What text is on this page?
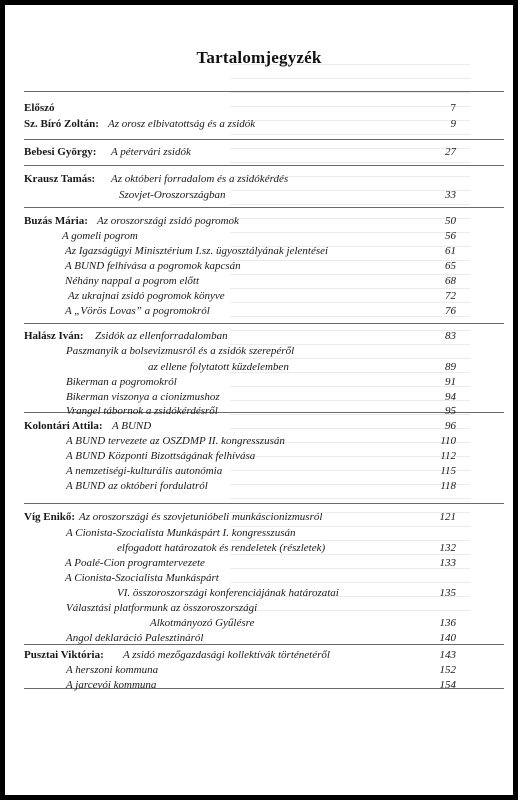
Tartalomjegyzék
Előszó	7
Sz. Bíró Zoltán: Az orosz elbivatottság és a zsidók	9
Bebesi György: A pétervári zsidók	27
Krausz Tamás: Az októberi forradalom és a zsidókérdés
Szovjet-Oroszországban	33
Buzás Mária: Az oroszországi zsidó pogromok	50
A gomeli pogrom	56
Az Igazságügyi Minisztérium I.sz. ügyosztályának jelentései	61
A BUND felhívása a pogromok kapcsán	65
Néhány nappal a pogrom előtt	68
Az ukrajnai zsidó pogromok könyve	72
A „Vörös Lovas” a pogromokról	76
Halász Iván: Zsidók az ellenforradalomban	83
Paszmanyik a bolsevizmusról és a zsidók szerepéről
az ellene folytatott küzdelemben	89
Bikerman a pogromokról	91
Bikerman viszonya a cionizmushoz	94
Vrangel tábornok a zsidókérdésről	95
Kolontári Attila: A BUND	96
A BUND tervezete az OSZDMP II. kongresszusán	110
A BUND Központi Bizottságának felhívása	112
A nemzetiségi-kulturális autonómia	115
A BUND az októberi fordulatról	118
Víg Enikő: Az oroszországi és szovjetunióbeli munkáscionizmusról	121
A Cionista-Szocialista Munkáspárt I. kongresszusán
elfogadott határozatok és rendeletek (részletek)	132
A Poalé-Cion programtervezete	133
A Cionista-Szocialista Munkáspárt
VI. összoroszországi konferenciájának határozatai	135
Választási platformunk az összoroszországi
Alkotmányozó Gyűlésre	136
Angol deklaráció Palesztináról	140
Pusztai Viktória: A zsidó mezőgazdasági kollektívák történetéről	143
A herszoni kommuna	152
A jarcevói kommuna	154
